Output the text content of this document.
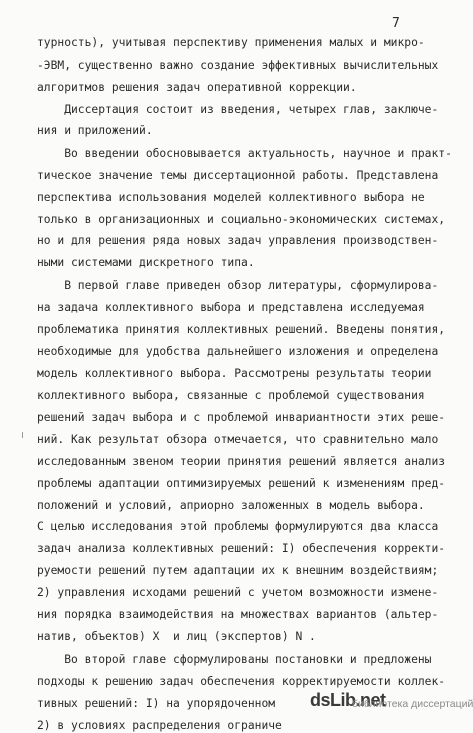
7
турность), учитывая перспективу применения малых и микро-
-ЭВМ, существенно важно создание эффективных вычислительных
алгоритмов решения задач оперативной коррекции.
Диссертация состоит из введения, четырех глав, заключе-
ния и приложений.
Во введении обосновывается актуальность, научное и практ-
тическое значение темы диссертационной работы. Представлена
перспектива использования моделей коллективного выбора не
только в организационных и социально-экономических системах,
но и для решения ряда новых задач управления производствен-
ными системами дискретного типа.
В первой главе приведен обзор литературы, сформулирова-
на задача коллективного выбора и представлена исследуемая
проблематика принятия коллективных решений. Введены понятия,
необходимые для удобства дальнейшего изложения и определена
модель коллективного выбора. Рассмотрены результаты теории
коллективного выбора, связанные с проблемой существования
решений задач выбора и с проблемой инвариантности этих реше-
ний. Как результат обзора отмечается, что сравнительно мало
исследованным звеном теории принятия решений является анализ
проблемы адаптации оптимизируемых решений к изменениям пред-
положений и условий, априорно заложенных в модель выбора.
С целью исследования этой проблемы формулируются два класса
задач анализа коллективных решений: I) обеспечения корректи-
руемости решений путем адаптации их к внешним воздействиям;
2) управления исходами решений с учетом возможности измене-
ния порядка взаимодействия на множествах вариантов (альтер-
натив, объектов) X  и лиц (экспертов) N .
Во второй главе сформулированы постановки и предложены
подходы к решению задач обеспечения корректируемости коллек-
тивных решений: I) на упорядоченном
2) в условиях распределения ограниче
dsLib.net
библиотека диссертаций
